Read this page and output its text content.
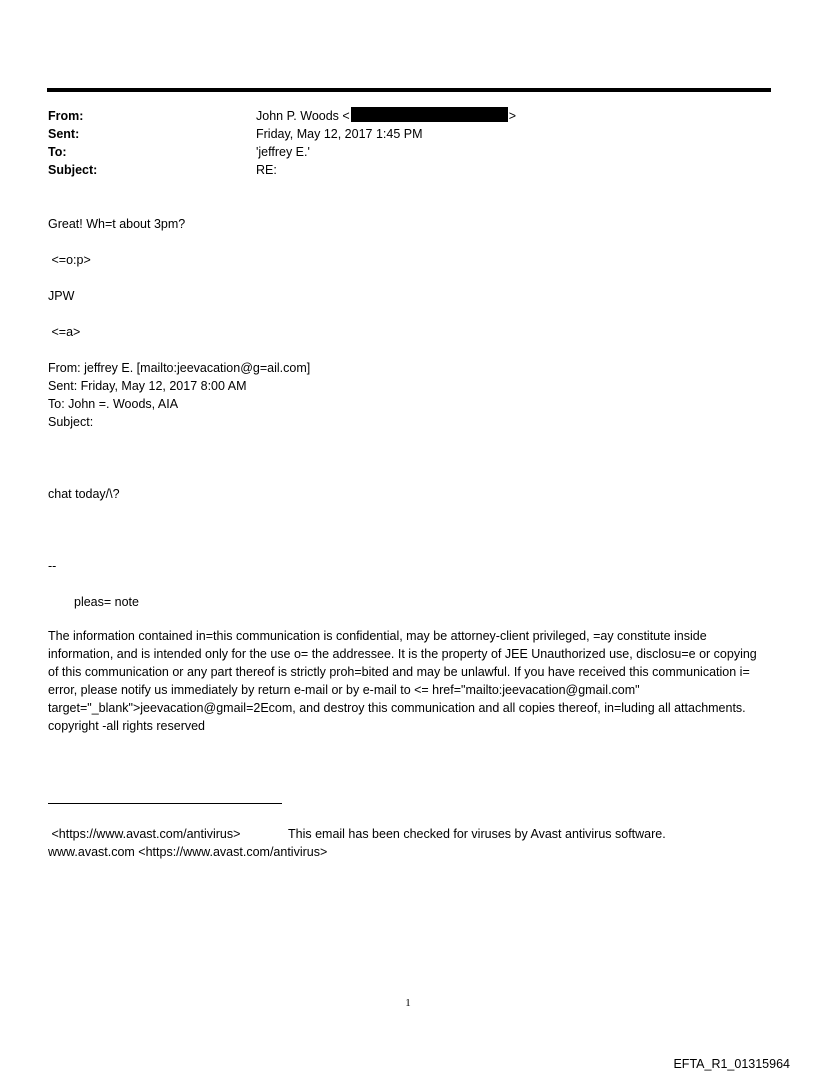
From:	John P. Woods <	>
Sent:	Friday, May 12, 2017 1:45 PM
To:	'jeffrey E.'
Subject:	RE:
Great! Wh=t about 3pm?
<=o:p>
JPW
<=a>
From: jeffrey E. [mailto:jeevacation@g=ail.com]
Sent: Friday, May 12, 2017 8:00 AM
To: John =. Woods, AIA
Subject:
chat today/\?
--
pleas= note
The information contained in=this communication is confidential, may be attorney-client privileged, =ay constitute inside information, and is intended only for the use o= the addressee. It is the property of JEE Unauthorized use, disclosu=e or copying of this communication or any part thereof is strictly proh=bited and may be unlawful. If you have received this communication i= error, please notify us immediately by return e-mail or by e-mail to <= href="mailto:jeevacation@gmail.com" target="_blank">jeevacation@gmail=2Ecom, and destroy this communication and all copies thereof, in=luding all attachments. copyright -all rights reserved
<https://www.avast.com/antivirus>	This email has been checked for viruses by Avast antivirus software.
www.avast.com <https://www.avast.com/antivirus>
1
EFTA_R1_01315964
